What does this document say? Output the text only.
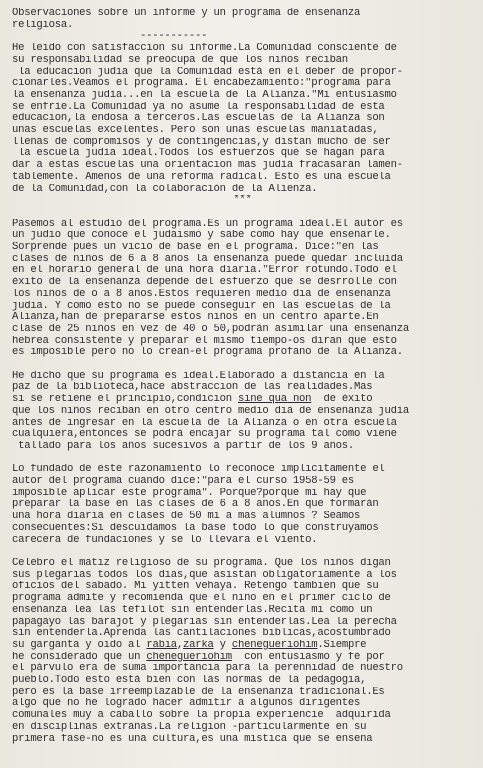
Observaciones sobre un informe y un programa de enseñanza
religiosa.
-----------
He leido con satisfaccion su informe.La Comunidad consciente de
su responsabilidad se preocupa de que los niños reciban
la educacion judia que la Comunidad està en el deber de propor-
cionarles.Veamos el programa. El encabezamiento:"programa para
la enseñanza judìa...en la escuela de la Alianza."Mi entusiasmo
se enfrìe.La Comunidad ya no asume la responsabilidad de esta
educacion,la endosa a terceros.Las escuelas de la Alianza son
unas escuelas excelentes. Pero son unas escuelas maniatadas,
llenas de compromisos y de contingencias,y distan mucho de ser
la escuela judìa ideal.Todos los esfuerzos que se hagan para
dar a estas escuelas una orientacion mas judìa fracasaran lamen-
tablemente. Amenos de una reforma radical. Esto es una escuela
de la Comunidad,con la colaboraciòn de la Alienza.
***
Pasemos al estudio del programa.Es un programa ideal.El autor es
un judio que conoce el judaismo y sabe como hay que enseñarle.
Sorprende pués un vicio de base en el programa. Dice:"en las
clases de niños de 6 a 8 años la enseñanza puede quedar incluida
en el horario general de una hora diaria."Error rotundo.Todo el
èxito de la enseñanza depende del esfuerzo que se desrrolle con
los niños de o a 8 años.Estos requieren medio dia de enseñanza
judia. Y como esto no se puede conseguir en las escuelas de la
Alianza,han de prepararse estos niños en un centro aparte.En
clase de 25 niños en vez de 40 o 50,podràn asimilar una enseñanza
hebrea consistente y preparar el mismo tiempo-os diran que esto
es imposible pero no lo crean-el programa profano de la Alianza.
He dicho que su programa es ideal.Elaborado a distancia en la
paz de la biblioteca,hace abstraccion de las realidades.Mas
si se retiene el principio,condicion sine qua non  de èxito
que los niños reciban en otro centro medio dia de enseñanza judìa
antes de ingresar en la escuela de la Alianza o en otra escuela
cualquiera,entonces se podrà encajar su programa tal como viene
tallado para los años sucesivos a partir de los 9 años.
Lo fundado de este razonamiento lo reconoce implicitamente el
autor del programa cuando dice:"para el curso 1958-59 es
imposible aplicar este programa". Porque?porque mi hay que
preparar la base en las clases de 6 a 8 años.En que formaràn
una hora diaria en clases de 50 mi a mas alumnos ? Seamos
consecuentes:Si descuidamos la base todo lo que construyamos
carecera de fundaciones y se lo llevara el viento.
Celebro el matiz religioso de su programa. Que los niños digan
sus plegarias todos los dias,que asistan obligatoriamente a los
oficios del sabado. Mi yitten vehaya. Retengo tambien que su
programa admite y recomienda que el niño en el primer ciclo de
enseñanza lea las tefilot sin entenderlas.Recita mi como un
papagayo las barajot y plegarias sin entenderlas.Lea la perecha
sin entenderla.Aprenda las cantilaciones biblicas,acostumbrado
su garganta y oido al rabia,zarka y chenegueriohim.Siempre
he considerado que un chenegueriohim  con entusiasmo y fé por
el pàrvulo era de suma importancia para la perennidad de nuestro
pueblo.Todo esto està bien con las normas de la pedagogia,
pero es la base irreemplazable de la enseñanza tradicional.Es
algo que no he logrado hacer admitir a algunos dirigentes
comunales muy a caballo sobre la propia experiencie  adquirida
en disciplinas extrañas.La religion -particularmente en su
primera fase-no es una cultura,es una mistica que se enseña
